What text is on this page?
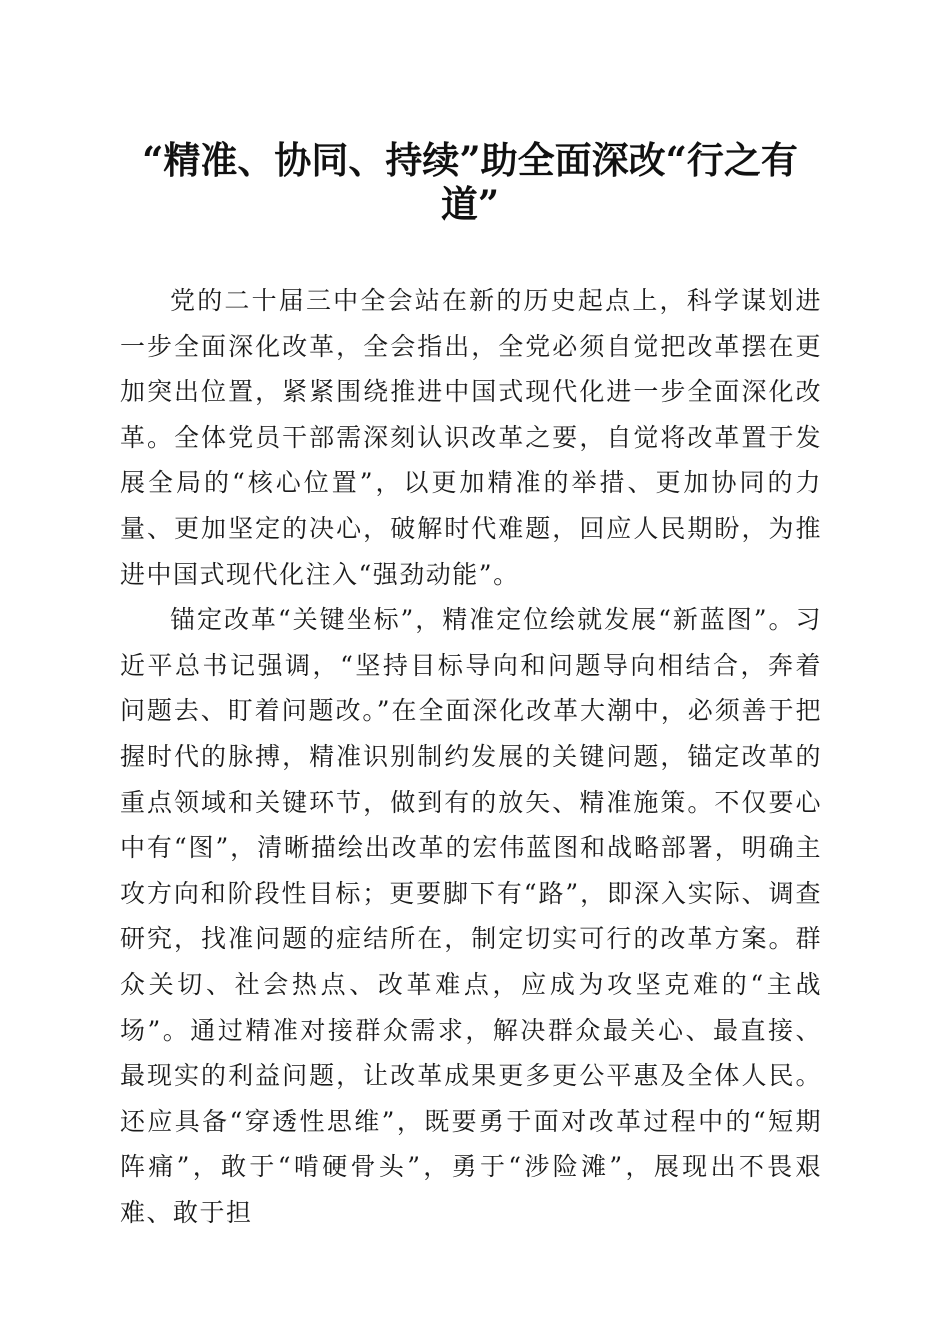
“精准、协同、持续”助全面深改“行之有道”

党的二十届三中全会站在新的历史起点上，科学谋划进一步全面深化改革，全会指出，全党必须自觉把改革摆在更加突出位置，紧紧围绕推进中国式现代化进一步全面深化改革。全体党员干部需深刻认识改革之要，自觉将改革置于发展全局的“核心位置”，以更加精准的举措、更加协同的力量、更加坚定的决心，破解时代难题，回应人民期盼，为推进中国式现代化注入“强劲动能”。

锚定改革“关键坐标”，精准定位绘就发展“新蓝图”。习近平总书记强调，“坚持目标导向和问题导向相结合，奔着问题去、盯着问题改。”在全面深化改革大潮中，必须善于把握时代的脉搏，精准识别制约发展的关键问题，锚定改革的重点领域和关键环节，做到有的放矢、精准施策。不仅要心中有“图”，清晰描绘出改革的宏伟蓝图和战略部署，明确主攻方向和阶段性目标；更要脚下有“路”，即深入实际、调查研究，找准问题的症结所在，制定切实可行的改革方案。群众关切、社会热点、改革难点，应成为攻坚克难的“主战场”。通过精准对接群众需求，解决群众最关心、最直接、最现实的利益问题，让改革成果更多更公平惠及全体人民。还应具备“穿透性思维”，既要勇于面对改革过程中的“短期阵痛”，敢于“啃硬骨头”，勇于“涉险滩”，展现出不畏艰难、敢于担
